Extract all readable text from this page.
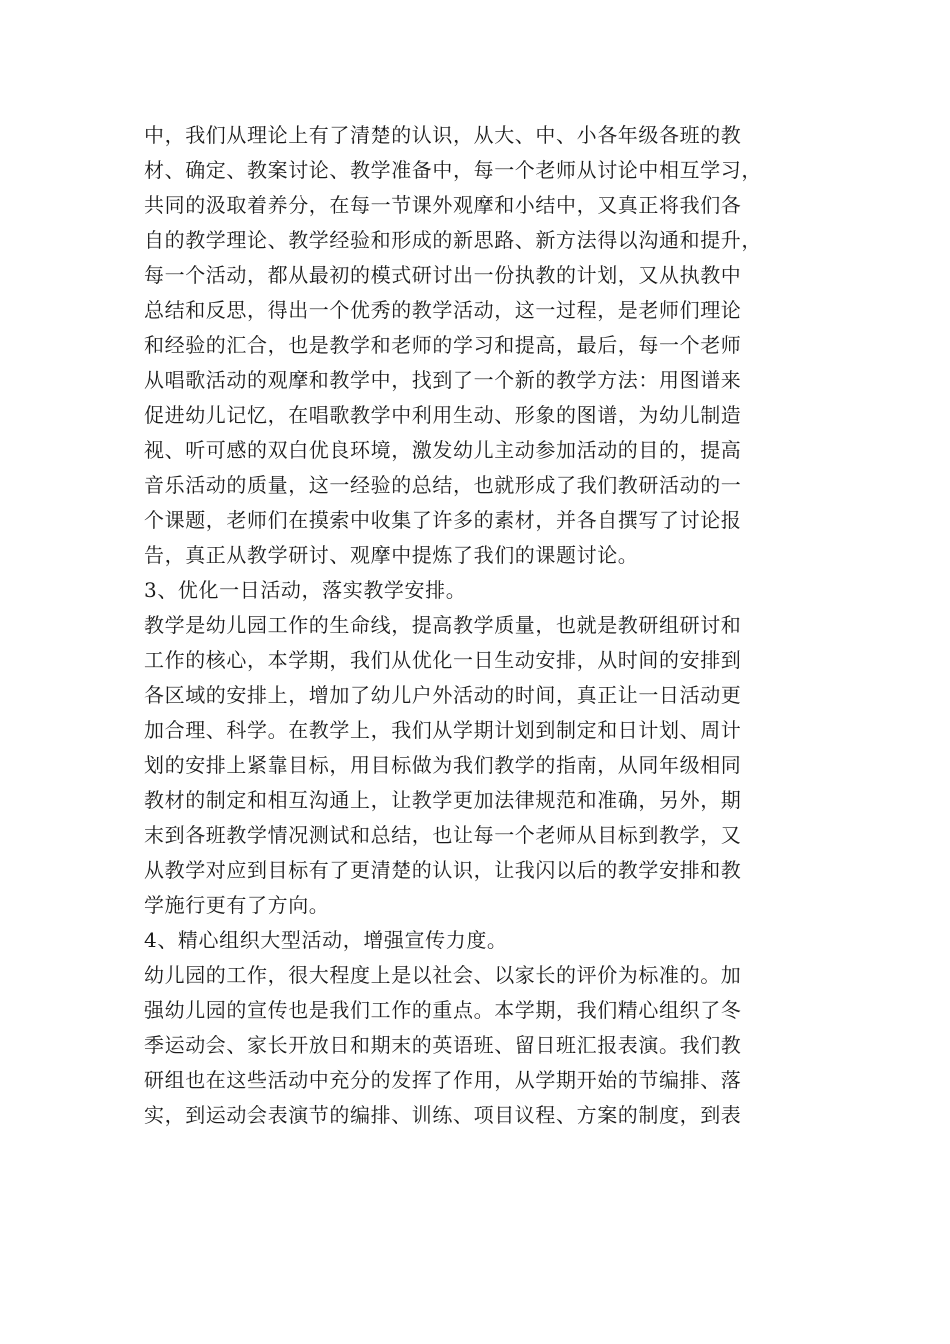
中，我们从理论上有了清楚的认识，从大、中、小各年级各班的教
材、确定、教案讨论、教学准备中，每一个老师从讨论中相互学习，
共同的汲取着养分，在每一节课外观摩和小结中，又真正将我们各
自的教学理论、教学经验和形成的新思路、新方法得以沟通和提升，
每一个活动，都从最初的模式研讨出一份执教的计划，又从执教中
总结和反思，得出一个优秀的教学活动，这一过程，是老师们理论
和经验的汇合，也是教学和老师的学习和提高，最后，每一个老师
从唱歌活动的观摩和教学中，找到了一个新的教学方法：用图谱来
促进幼儿记忆，在唱歌教学中利用生动、形象的图谱，为幼儿制造
视、听可感的双白优良环境，激发幼儿主动参加活动的目的，提高
音乐活动的质量，这一经验的总结，也就形成了我们教研活动的一
个课题，老师们在摸索中收集了许多的素材，并各自撰写了讨论报
告，真正从教学研讨、观摩中提炼了我们的课题讨论。
3、优化一日活动，落实教学安排。
教学是幼儿园工作的生命线，提高教学质量，也就是教研组研讨和
工作的核心，本学期，我们从优化一日生动安排，从时间的安排到
各区域的安排上，增加了幼儿户外活动的时间，真正让一日活动更
加合理、科学。在教学上，我们从学期计划到制定和日计划、周计
划的安排上紧靠目标，用目标做为我们教学的指南，从同年级相同
教材的制定和相互沟通上，让教学更加法律规范和准确，另外，期
末到各班教学情况测试和总结，也让每一个老师从目标到教学，又
从教学对应到目标有了更清楚的认识，让我闪以后的教学安排和教
学施行更有了方向。
4、精心组织大型活动，增强宣传力度。
幼儿园的工作，很大程度上是以社会、以家长的评价为标准的。加
强幼儿园的宣传也是我们工作的重点。本学期，我们精心组织了冬
季运动会、家长开放日和期末的英语班、留日班汇报表演。我们教
研组也在这些活动中充分的发挥了作用，从学期开始的节编排、落
实，到运动会表演节的编排、训练、项目议程、方案的制度，到表
